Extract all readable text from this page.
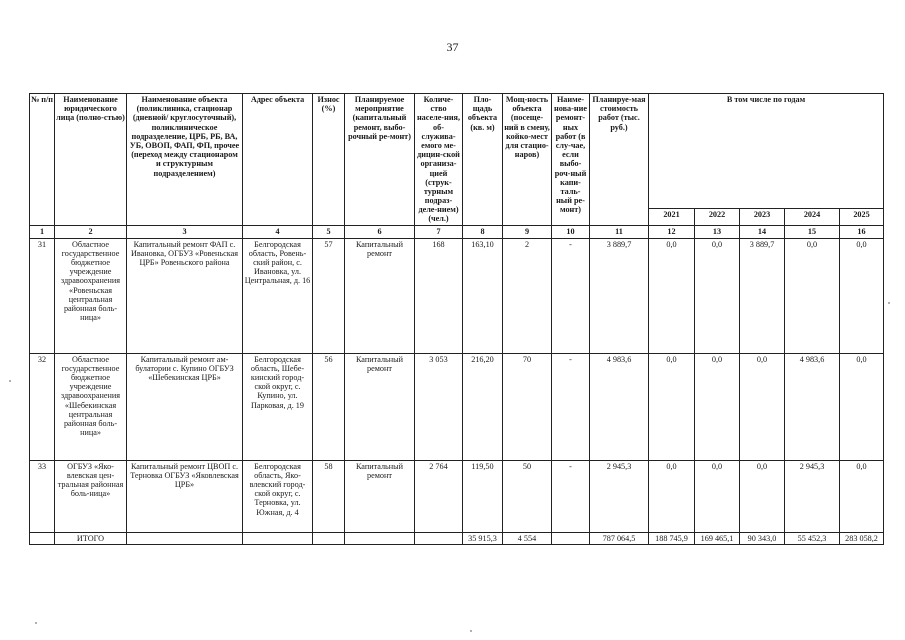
37
№ п/п	Наименование юридического лица (полно-стью)	Наименование объекта (поликлиника, стационар (дневной/ круглосуточный), поликлиническое подразделение, ЦРБ, РБ, ВА, УБ, ОВОП, ФАП, ФП, прочее (переход между стационаром и структурным подразделением)	Адрес объекта	Износ (%)	Планируемое мероприятие (капитальный ремонт, выбо-рочный ре-монт)	Количе-ство населе-ния, об-служива-емого ме-дицин-ской организа-цией (струк-турным подраз-деле-нием) (чел.)	Пло-щадь объекта (кв. м)	Мощ-ность объекта (посеще-ний в смену, койко-мест для стацио-наров)	Наиме-нова-ние ремонт-ных работ (в слу-чае, если выбо-роч-ный капи-таль-ный ре-монт)	Планируе-мая стоимость работ (тыс. руб.)	В том числе по годам				
											2021	2022	2023	2024	2025
1	2	3	4	5	6	7	8	9	10	11	12	13	14	15	16
31	Областное государственное бюджетное учреждение здравоохранения «Ровеньская центральная районная боль-ница»	Капитальный ремонт ФАП с. Ивановка, ОГБУЗ «Ровеньская ЦРБ» Ровеньского района	Белгородская область, Ровень-ский район, с. Ивановка, ул. Центральная, д. 16	57	Капитальный ремонт	168	163,10	2	-	3 889,7	0,0	0,0	3 889,7	0,0	0,0
32	Областное государственное бюджетное учреждение здравоохранения «Шебекинская центральная районная боль-ница»	Капитальный ремонт ам-булатории с. Купино ОГБУЗ «Шебекинская ЦРБ»	Белгородская область, Шебе-кинский город-ской округ, с. Купино, ул. Парковая, д. 19	56	Капитальный ремонт	3 053	216,20	70	-	4 983,6	0,0	0,0	0,0	4 983,6	0,0
33	ОГБУЗ «Яко-влевская цен-тральная районная боль-ница»	Капитальный ремонт ЦВОП с. Терновка ОГБУЗ «Яковлевская ЦРБ»	Белгородская область, Яко-влевский город-ской округ, с. Терновка, ул. Южная, д. 4	58	Капитальный ремонт	2 764	119,50	50	-	2 945,3	0,0	0,0	0,0	2 945,3	0,0
	ИТОГО						35 915,3	4 554		787 064,5	188 745,9	169 465,1	90 343,0	55 452,3	283 058,2
